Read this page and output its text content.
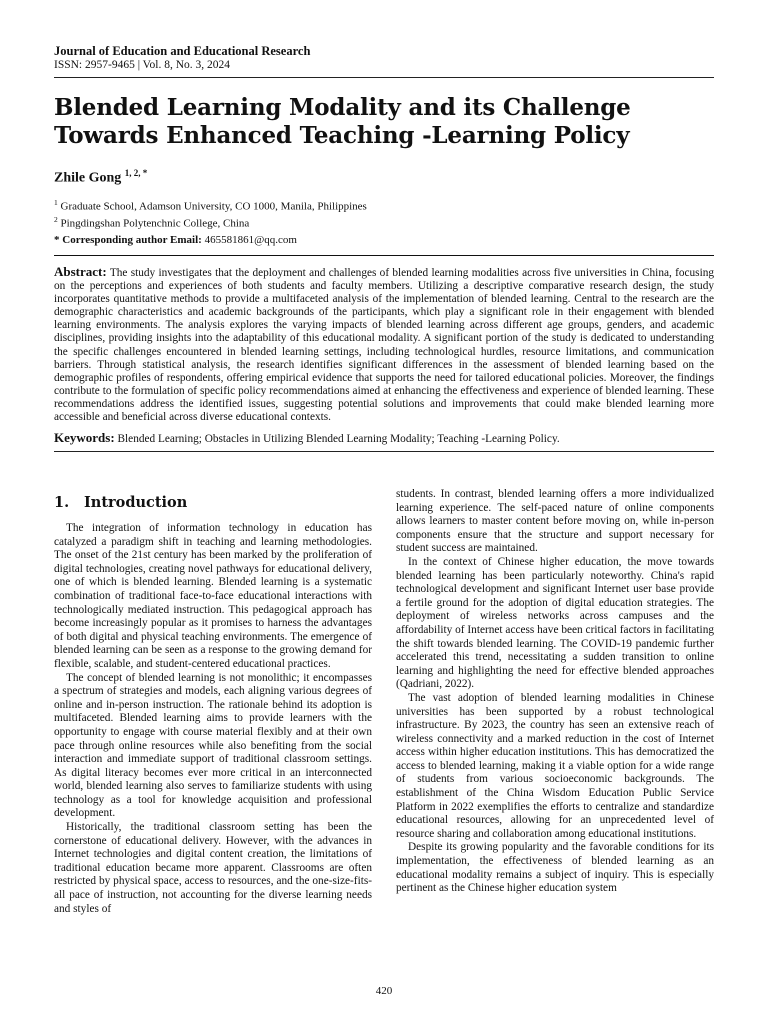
Journal of Education and Educational Research
ISSN: 2957-9465 | Vol. 8, No. 3, 2024
Blended Learning Modality and its Challenge Towards Enhanced Teaching -Learning Policy
Zhile Gong $^{1, 2, *}$
$^1$ Graduate School, Adamson University, CO 1000, Manila, Philippines
$^2$ Pingdingshan Polytenchnic College, China
* Corresponding author Email: 465581861@qq.com
Abstract: The study investigates that the deployment and challenges of blended learning modalities across five universities in China, focusing on the perceptions and experiences of both students and faculty members. Utilizing a descriptive comparative research design, the study incorporates quantitative methods to provide a multifaceted analysis of the implementation of blended learning. Central to the research are the demographic characteristics and academic backgrounds of the participants, which play a significant role in their engagement with blended learning environments. The analysis explores the varying impacts of blended learning across different age groups, genders, and academic disciplines, providing insights into the adaptability of this educational modality. A significant portion of the study is dedicated to understanding the specific challenges encountered in blended learning settings, including technological hurdles, resource limitations, and communication barriers. Through statistical analysis, the research identifies significant differences in the assessment of blended learning based on the demographic profiles of respondents, offering empirical evidence that supports the need for tailored educational policies. Moreover, the findings contribute to the formulation of specific policy recommendations aimed at enhancing the effectiveness and experience of blended learning. These recommendations address the identified issues, suggesting potential solutions and improvements that could make blended learning more accessible and beneficial across diverse educational contexts.
Keywords: Blended Learning; Obstacles in Utilizing Blended Learning Modality; Teaching -Learning Policy.
1. Introduction

The integration of information technology in education has catalyzed a paradigm shift in teaching and learning methodologies. The onset of the 21st century has been marked by the proliferation of digital technologies, creating novel pathways for educational delivery, one of which is blended learning. Blended learning is a systematic combination of traditional face-to-face educational interactions with technologically mediated instruction. This pedagogical approach has become increasingly popular as it promises to harness the advantages of both digital and physical teaching environments. The emergence of blended learning can be seen as a response to the growing demand for flexible, scalable, and student-centered educational practices.

The concept of blended learning is not monolithic; it encompasses a spectrum of strategies and models, each aligning various degrees of online and in-person instruction. The rationale behind its adoption is multifaceted. Blended learning aims to provide learners with the opportunity to engage with course material flexibly and at their own pace through online resources while also benefiting from the social interaction and immediate support of traditional classroom settings. As digital literacy becomes ever more critical in an interconnected world, blended learning also serves to familiarize students with using technology as a tool for knowledge acquisition and professional development.

Historically, the traditional classroom setting has been the cornerstone of educational delivery. However, with the advances in Internet technologies and digital content creation, the limitations of traditional education became more apparent. Classrooms are often restricted by physical space, access to resources, and the one-size-fits-all pace of instruction, not accounting for the diverse learning needs and styles of

students. In contrast, blended learning offers a more individualized learning experience. The self-paced nature of online components allows learners to master content before moving on, while in-person components ensure that the structure and support necessary for student success are maintained.

In the context of Chinese higher education, the move towards blended learning has been particularly noteworthy. China's rapid technological development and significant Internet user base provide a fertile ground for the adoption of digital education strategies. The deployment of wireless networks across campuses and the affordability of Internet access have been critical factors in facilitating the shift towards blended learning. The COVID-19 pandemic further accelerated this trend, necessitating a sudden transition to online learning and highlighting the need for effective blended approaches (Qadriani, 2022).

The vast adoption of blended learning modalities in Chinese universities has been supported by a robust technological infrastructure. By 2023, the country has seen an extensive reach of wireless connectivity and a marked reduction in the cost of Internet access within higher education institutions. This has democratized the access to blended learning, making it a viable option for a wide range of students from various socioeconomic backgrounds. The establishment of the China Wisdom Education Public Service Platform in 2022 exemplifies the efforts to centralize and standardize educational resources, allowing for an unprecedented level of resource sharing and collaboration among educational institutions.

Despite its growing popularity and the favorable conditions for its implementation, the effectiveness of blended learning as an educational modality remains a subject of inquiry. This is especially pertinent as the Chinese higher education system

420
